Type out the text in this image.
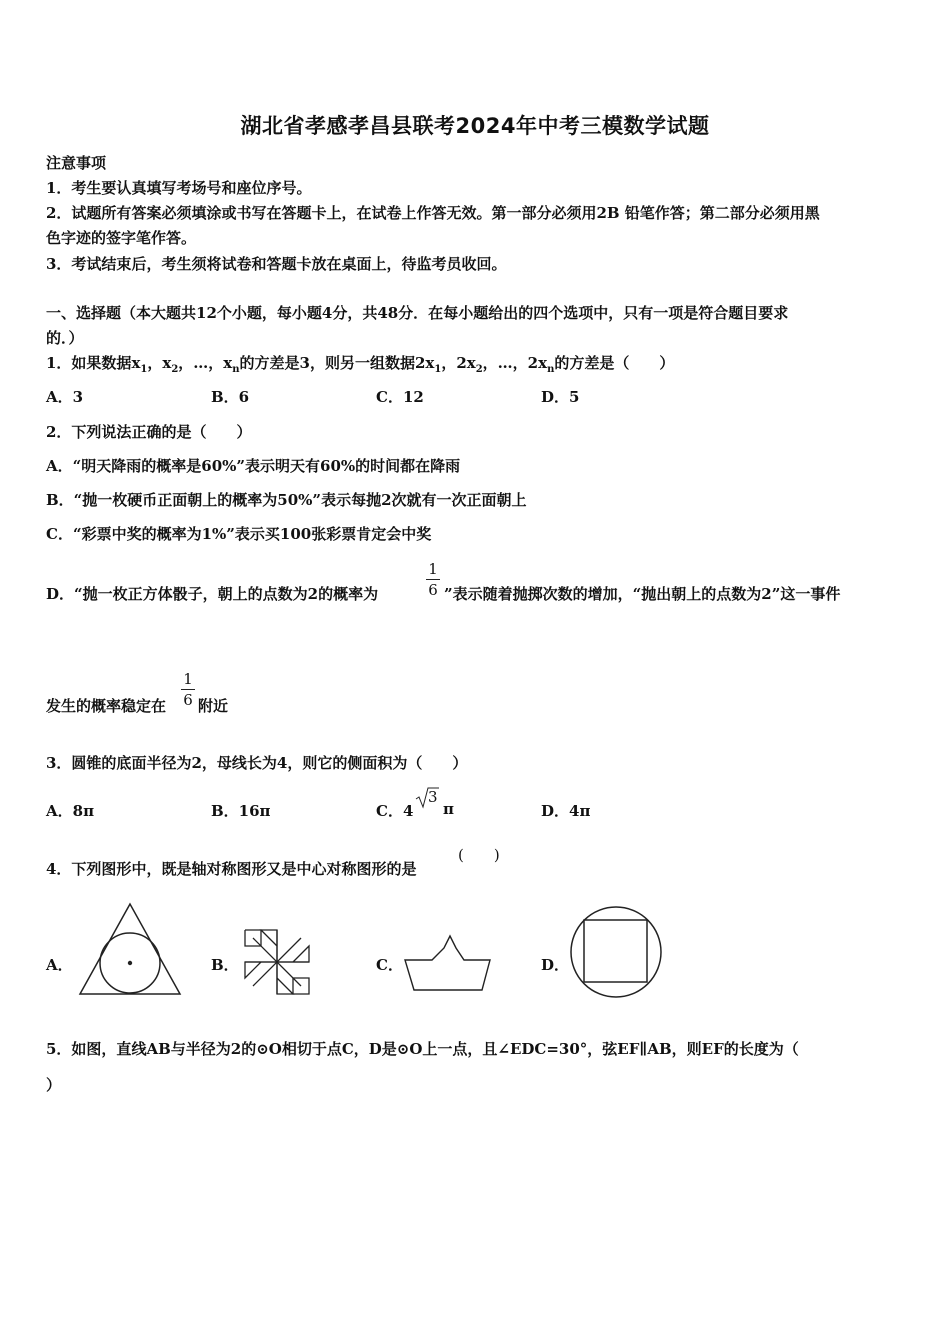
湖北省孝感孝昌县联考2024年中考三模数学试题
注意事项
1．考生要认真填写考场号和座位序号。
2．试题所有答案必须填涂或书写在答题卡上，在试卷上作答无效。第一部分必须用2B 铅笔作答；第二部分必须用黑
色字迹的签字笔作答。
3．考试结束后，考生须将试卷和答题卡放在桌面上，待监考员收回。
一、选择题（本大题共12个小题，每小题4分，共48分．在每小题给出的四个选项中，只有一项是符合题目要求
的．）
1．如果数据$x_1$，$x_2$，…，$x_n$的方差是3，则另一组数据$2x_1$，$2x_2$，…，$2x_n$的方差是（　　）
A．3	B．6	C．12	D．5
2．下列说法正确的是（　　）
A．“明天降雨的概率是60%”表示明天有60%的时间都在降雨
B．“抛一枚硬币正面朝上的概率为50%”表示每抛2次就有一次正面朝上
C．“彩票中奖的概率为1%”表示买100张彩票肯定会中奖
D．“抛一枚正方体骰子，朝上的点数为2的概率为
1
6 ”表示随着抛掷次数的增加，“抛出朝上的点数为2”这一事件
发生的概率稳定在
1
6 附近
3．圆锥的底面半径为2，母线长为4，则它的侧面积为（　　）
A．8π	B．16π	C．4
3
π	D．4π
4．下列图形中，既是轴对称图形又是中心对称图形的是
(　　)
A．	B．	C．	D．
5．如图，直线AB与半径为2的⊙O相切于点C，D是⊙O上一点，且∠EDC=30°，弦EF∥AB，则EF的长度为（
）
